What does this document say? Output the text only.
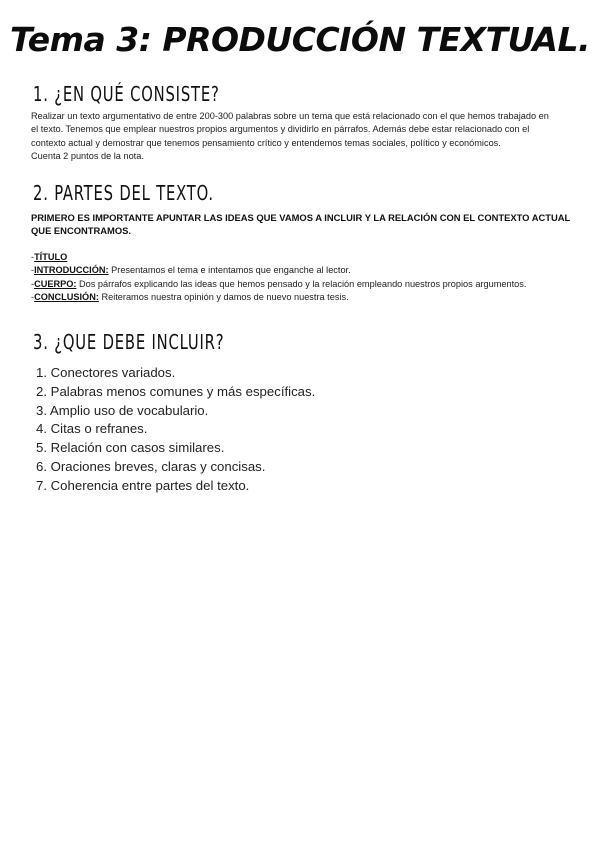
Tema 3: PRODUCCIÓN TEXTUAL.
1. ¿EN QUÉ CONSISTE?

Realizar un texto argumentativo de entre 200-300 palabras sobre un tema que está relacionado con el que hemos trabajado en

el texto. Tenemos que emplear nuestros propios argumentos y dividirlo en párrafos. Además debe estar relacionado con el

contexto actual y demostrar que tenemos pensamiento crítico y entendemos temas sociales, político y económicos.

Cuenta 2 puntos de la nota.

2. PARTES DEL TEXTO.
PRIMERO ES IMPORTANTE APUNTAR LAS IDEAS QUE VAMOS A INCLUIR Y LA RELACIÓN CON EL CONTEXTO ACTUAL QUE ENCONTRAMOS.
-TÍTULO
-INTRODUCCIÓN: Presentamos el tema e intentamos que enganche al lector.
-CUERPO: Dos párrafos explicando las ideas que hemos pensado y la relación empleando nuestros propios argumentos.
-CONCLUSIÓN: Reiteramos nuestra opinión y damos de nuevo nuestra tesis.
3. ¿QUE DEBE INCLUIR?
1. Conectores variados.
2. Palabras menos comunes y más específicas.
3. Amplio uso de vocabulario.
4. Citas o refranes.
5. Relación con casos similares.
6. Oraciones breves, claras y concisas.
7. Coherencia entre partes del texto.
